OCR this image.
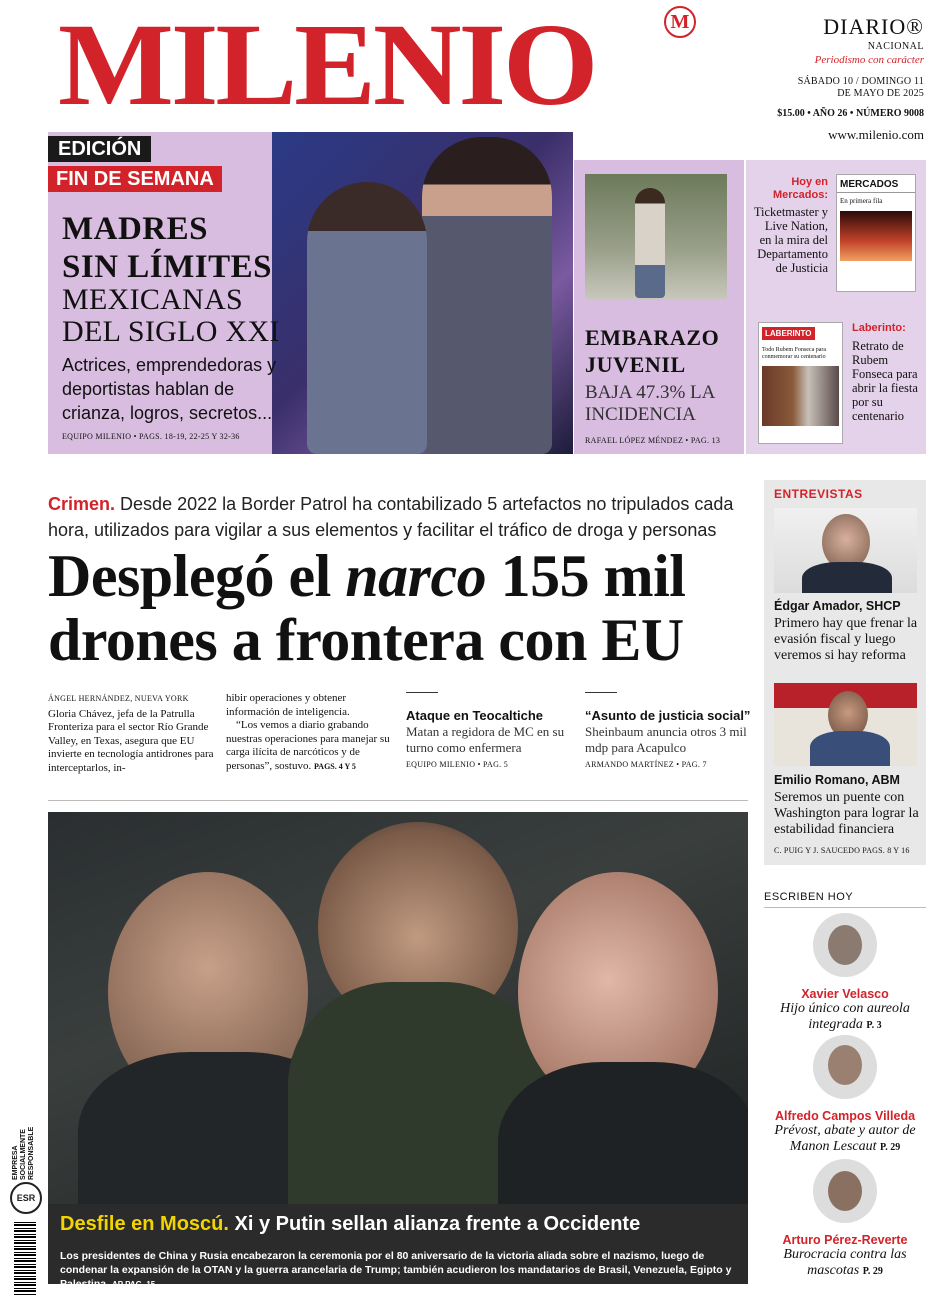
MILENIO	M	DIARIO®
NACIONAL
Periodismo con carácter
SÁBADO 10 / DOMINGO 11
DE MAYO DE 2025
$15.00 • AÑO 26 • NÚMERO 9008
www.milenio.com
EDICIÓN
FIN DE SEMANA
MADRES
SIN LÍMITES
MEXICANAS
DEL SIGLO XXI
Actrices, emprendedoras y deportistas hablan de crianza, logros, secretos...
EQUIPO MILENIO • PAGS. 18-19, 22-25 Y 32-36
EMBARAZO
JUVENIL
BAJA 47.3% LA
INCIDENCIA
RAFAEL LÓPEZ MÉNDEZ • PAG. 13
Hoy en Mercados:
Ticketmaster y Live Nation, en la mira del Departamento de Justicia
MERCADOS
En primera fila
LABERINTO
Todo Rubem Fonseca para conmemorar su centenario
Laberinto:
Retrato de Rubem Fonseca para abrir la fiesta por su centenario
Crimen. Desde 2022 la Border Patrol ha contabilizado 5 artefactos no tripulados cada hora, utilizados para vigilar a sus elementos y facilitar el tráfico de droga y personas
Desplegó el narco 155 mil drones a frontera con EU
ÁNGEL HERNÁNDEZ, NUEVA YORK
Gloria Chávez, jefa de la Patrulla Fronteriza para el sector Río Grande Valley, en Texas, asegura que EU invierte en tecnología antidrones para interceptarlos, in-
hibir operaciones y obtener información de inteligencia.
“Los vemos a diario grabando nuestras operaciones para manejar su carga ilícita de narcóticos y de personas”, sostuvo. PAGS. 4 Y 5
Ataque en Teocaltiche
Matan a regidora de MC en su turno como enfermera
EQUIPO MILENIO • PAG. 5
“Asunto de justicia social”
Sheinbaum anuncia otros 3 mil mdp para Acapulco
ARMANDO MARTÍNEZ • PAG. 7
Desfile en Moscú. Xi y Putin sellan alianza frente a Occidente
Los presidentes de China y Rusia encabezaron la ceremonia por el 80 aniversario de la victoria aliada sobre el nazismo, luego de condenar la expansión de la OTAN y la guerra arancelaria de Trump; también acudieron los mandatarios de Brasil, Venezuela, Egipto y Palestina. AP PAG. 15
ENTREVISTAS
Édgar Amador, SHCP
Primero hay que frenar la evasión fiscal y luego veremos si hay reforma
Emilio Romano, ABM
Seremos un puente con Washington para lograr la estabilidad financiera
C. PUIG Y J. SAUCEDO PAGS. 8 Y 16
ESCRIBEN HOY
Xavier Velasco
Hijo único con aureola integrada P. 3
Alfredo Campos Villeda
Prévost, abate y autor de Manon Lescaut P. 29
Arturo Pérez-Reverte
Burocracia contra las mascotas P. 29
EMPRESA
SOCIALMENTE
RESPONSABLE
ESR
